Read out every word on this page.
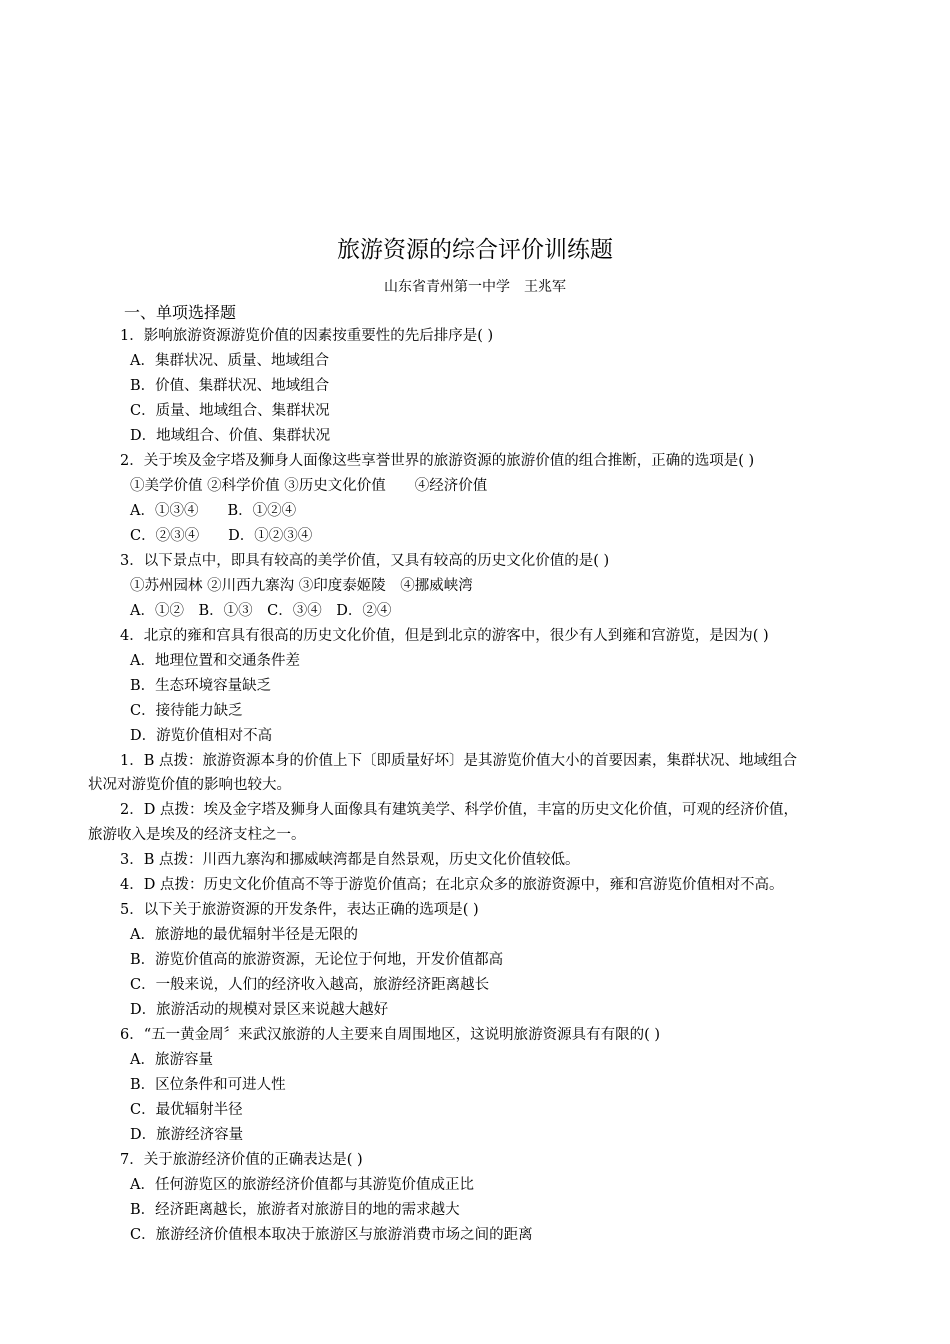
旅游资源的综合评价训练题
山东省青州第一中学　王兆军
一、单项选择题
1．影响旅游资源游览价值的因素按重要性的先后排序是( )
A．集群状况、质量、地域组合
B．价值、集群状况、地域组合
C．质量、地域组合、集群状况
D．地域组合、价值、集群状况
2．关于埃及金字塔及狮身人面像这些享誉世界的旅游资源的旅游价值的组合推断，正确的选项是( )
①美学价值 ②科学价值 ③历史文化价值　　④经济价值
A．①③④　　B．①②④
C．②③④　　D．①②③④
3．以下景点中，即具有较高的美学价值，又具有较高的历史文化价值的是( )
①苏州园林 ②川西九寨沟 ③印度泰姬陵　④挪威峡湾
A．①②　B．①③　C．③④　D．②④
4．北京的雍和宫具有很高的历史文化价值，但是到北京的游客中，很少有人到雍和宫游览，是因为( )
A．地理位置和交通条件差
B．生态环境容量缺乏
C．接待能力缺乏
D．游览价值相对不高
1．B 点拨：旅游资源本身的价值上下〔即质量好坏〕是其游览价值大小的首要因素，集群状况、地域组合
状况对游览价值的影响也较大。
2．D 点拨：埃及金字塔及狮身人面像具有建筑美学、科学价值，丰富的历史文化价值，可观的经济价值，
旅游收入是埃及的经济支柱之一。
3．B 点拨：川西九寨沟和挪威峡湾都是自然景观，历史文化价值较低。
4．D 点拨：历史文化价值高不等于游览价值高；在北京众多的旅游资源中，雍和宫游览价值相对不高。
5．以下关于旅游资源的开发条件，表达正确的选项是( )
A．旅游地的最优辐射半径是无限的
B．游览价值高的旅游资源，无论位于何地，开发价值都高
C．一般来说，人们的经济收入越高，旅游经济距离越长
D．旅游活动的规模对景区来说越大越好
6．“五一黄金周〞来武汉旅游的人主要来自周围地区，这说明旅游资源具有有限的( )
A．旅游容量
B．区位条件和可进人性
C．最优辐射半径
D．旅游经济容量
7．关于旅游经济价值的正确表达是( )
A．任何游览区的旅游经济价值都与其游览价值成正比
B．经济距离越长，旅游者对旅游目的地的需求越大
C．旅游经济价值根本取决于旅游区与旅游消费市场之间的距离
